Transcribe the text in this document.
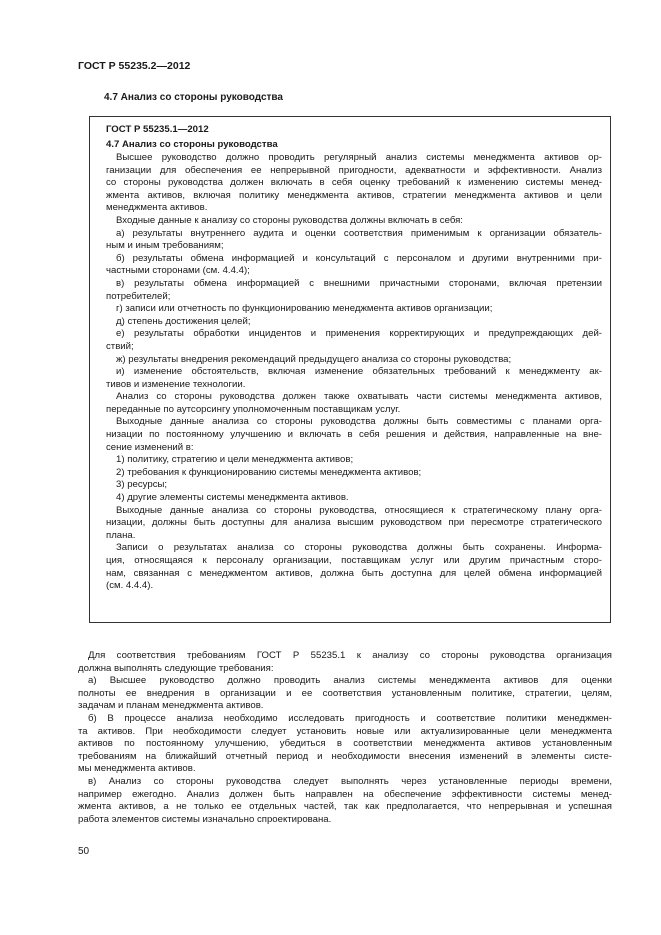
ГОСТ Р 55235.2—2012
4.7 Анализ со стороны руководства
ГОСТ Р 55235.1—2012
4.7 Анализ со стороны руководства
Высшее руководство должно проводить регулярный анализ системы менеджмента активов ор-
ганизации для обеспечения ее непрерывной пригодности, адекватности и эффективности. Анализ
со стороны руководства должен включать в себя оценку требований к изменению системы менед-
жмента активов, включая политику менеджмента активов, стратегии менеджмента активов и цели
менеджмента активов.
Входные данные к анализу со стороны руководства должны включать в себя:
а) результаты внутреннего аудита и оценки соответствия применимым к организации обязатель-
ным и иным требованиям;
б) результаты обмена информацией и консультаций с персоналом и другими внутренними при-
частными сторонами (см. 4.4.4);
в) результаты обмена информацией с внешними причастными сторонами, включая претензии
потребителей;
г) записи или отчетность по функционированию менеджмента активов организации;
д) степень достижения целей;
е) результаты обработки инцидентов и применения корректирующих и предупреждающих дей-
ствий;
ж) результаты внедрения рекомендаций предыдущего анализа со стороны руководства;
и) изменение обстоятельств, включая изменение обязательных требований к менеджменту ак-
тивов и изменение технологии.
Анализ со стороны руководства должен также охватывать части системы менеджмента активов,
переданные по аутсорсингу уполномоченным поставщикам услуг.
Выходные данные анализа со стороны руководства должны быть совместимы с планами орга-
низации по постоянному улучшению и включать в себя решения и действия, направленные на вне-
сение изменений в:
1) политику, стратегию и цели менеджмента активов;
2) требования к функционированию системы менеджмента активов;
3) ресурсы;
4) другие элементы системы менеджмента активов.
Выходные данные анализа со стороны руководства, относящиеся к стратегическому плану орга-
низации, должны быть доступны для анализа высшим руководством при пересмотре стратегического
плана.
Записи о результатах анализа со стороны руководства должны быть сохранены. Информа-
ция, относящаяся к персоналу организации, поставщикам услуг или другим причастным сторо-
нам, связанная с менеджментом активов, должна быть доступна для целей обмена информацией
(см. 4.4.4).
Для соответствия требованиям ГОСТ Р 55235.1 к анализу со стороны руководства организация
должна выполнять следующие требования:
а) Высшее руководство должно проводить анализ системы менеджмента активов для оценки
полноты ее внедрения в организации и ее соответствия установленным политике, стратегии, целям,
задачам и планам менеджмента активов.
б) В процессе анализа необходимо исследовать пригодность и соответствие политики менеджмен-
та активов. При необходимости следует установить новые или актуализированные цели менеджмента
активов по постоянному улучшению, убедиться в соответствии менеджмента активов установленным
требованиям на ближайший отчетный период и необходимости внесения изменений в элементы систе-
мы менеджмента активов.
в) Анализ со стороны руководства следует выполнять через установленные периоды времени,
например ежегодно. Анализ должен быть направлен на обеспечение эффективности системы менед-
жмента активов, а не только ее отдельных частей, так как предполагается, что непрерывная и успешная
работа элементов системы изначально спроектирована.
50
